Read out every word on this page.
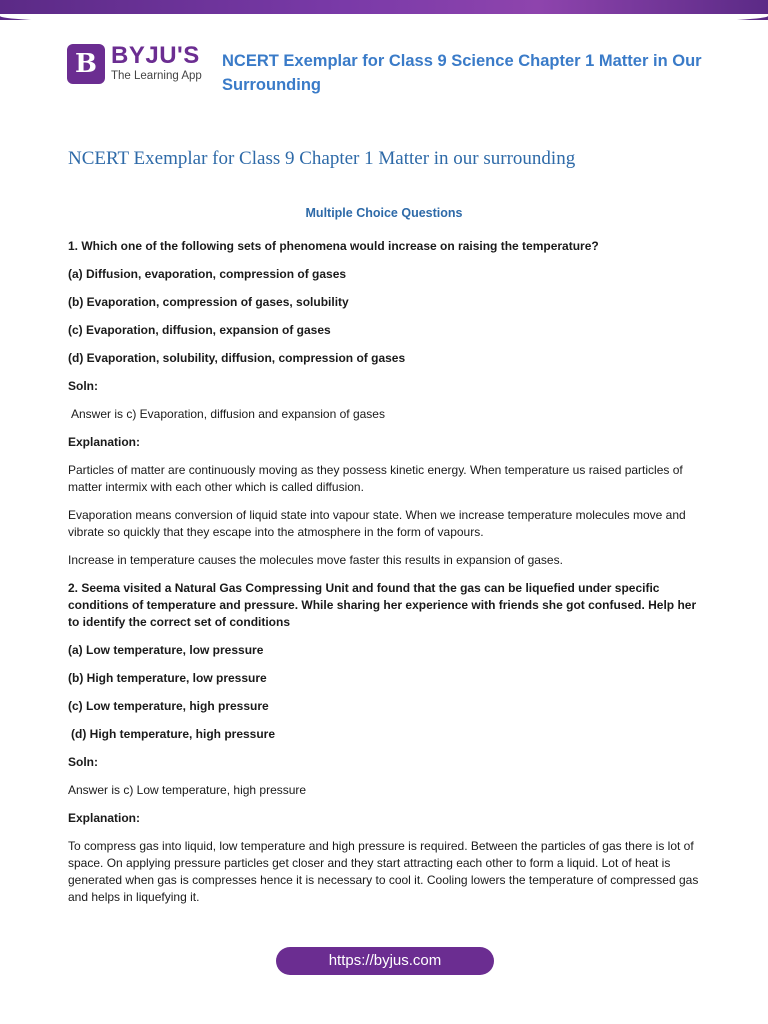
B BYJU'S
The Learning App
NCERT Exemplar for Class 9 Science Chapter 1 Matter in Our Surrounding
NCERT Exemplar for Class 9 Chapter 1 Matter in our surrounding
Multiple Choice Questions

1. Which one of the following sets of phenomena would increase on raising the temperature?

(a) Diffusion, evaporation, compression of gases

(b) Evaporation, compression of gases, solubility

(c) Evaporation, diffusion, expansion of gases

(d) Evaporation, solubility, diffusion, compression of gases

Soln:

Answer is c) Evaporation, diffusion and expansion of gases

Explanation:

Particles of matter are continuously moving as they possess kinetic energy. When temperature us raised particles of matter intermix with each other which is called diffusion.

Evaporation means conversion of liquid state into vapour state. When we increase temperature molecules move and vibrate so quickly that they escape into the atmosphere in the form of vapours.

Increase in temperature causes the molecules move faster this results in expansion of gases.

2. Seema visited a Natural Gas Compressing Unit and found that the gas can be liquefied under specific conditions of temperature and pressure. While sharing her experience with friends she got confused. Help her to identify the correct set of conditions

(a) Low temperature, low pressure

(b) High temperature, low pressure

(c) Low temperature, high pressure

(d) High temperature, high pressure

Soln:

Answer is c) Low temperature, high pressure

Explanation:

To compress gas into liquid, low temperature and high pressure is required. Between the particles of gas there is lot of space. On applying pressure particles get closer and they start attracting each other to form a liquid. Lot of heat is generated when gas is compresses hence it is necessary to cool it. Cooling lowers the temperature of compressed gas and helps in liquefying it.

https://byjus.com
